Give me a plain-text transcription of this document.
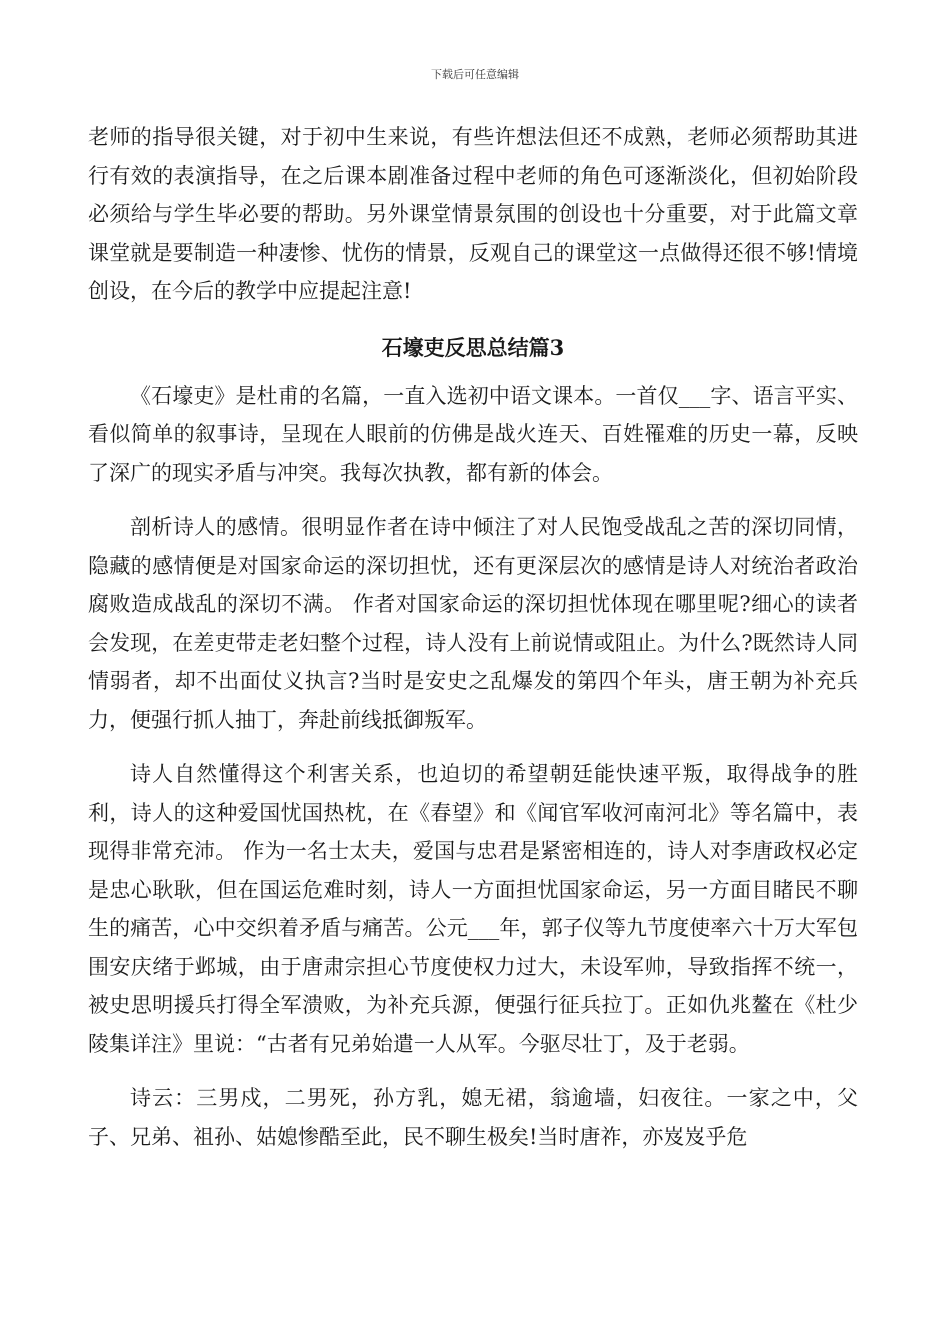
下载后可任意编辑

老师的指导很关键，对于初中生来说，有些许想法但还不成熟，老师必须帮助其进行有效的表演指导，在之后课本剧准备过程中老师的角色可逐渐淡化，但初始阶段必须给与学生毕必要的帮助。另外课堂情景氛围的创设也十分重要，对于此篇文章课堂就是要制造一种凄惨、忧伤的情景，反观自己的课堂这一点做得还很不够!情境创设，在今后的教学中应提起注意!

石壕吏反思总结篇3

《石壕吏》是杜甫的名篇，一直入选初中语文课本。一首仅___字、语言平实、看似简单的叙事诗，呈现在人眼前的仿佛是战火连天、百姓罹难的历史一幕，反映了深广的现实矛盾与冲突。我每次执教，都有新的体会。

剖析诗人的感情。很明显作者在诗中倾注了对人民饱受战乱之苦的深切同情，隐藏的感情便是对国家命运的深切担忧，还有更深层次的感情是诗人对统治者政治腐败造成战乱的深切不满。 作者对国家命运的深切担忧体现在哪里呢?细心的读者会发现，在差吏带走老妇整个过程，诗人没有上前说情或阻止。为什么?既然诗人同情弱者，却不出面仗义执言?当时是安史之乱爆发的第四个年头，唐王朝为补充兵力，便强行抓人抽丁，奔赴前线抵御叛军。

诗人自然懂得这个利害关系，也迫切的希望朝廷能快速平叛，取得战争的胜利，诗人的这种爱国忧国热枕，在《春望》和《闻官军收河南河北》等名篇中，表现得非常充沛。 作为一名士太夫，爱国与忠君是紧密相连的，诗人对李唐政权必定是忠心耿耿，但在国运危难时刻，诗人一方面担忧国家命运，另一方面目睹民不聊生的痛苦，心中交织着矛盾与痛苦。公元___年，郭子仪等九节度使率六十万大军包围安庆绪于邺城，由于唐肃宗担心节度使权力过大，未设军帅，导致指挥不统一，被史思明援兵打得全军溃败，为补充兵源，便强行征兵拉丁。正如仇兆鳌在《杜少陵集详注》里说：“古者有兄弟始遣一人从军。今驱尽壮丁，及于老弱。

诗云：三男戍，二男死，孙方乳，媳无裙，翁逾墙，妇夜往。一家之中，父子、兄弟、祖孙、姑媳惨酷至此，民不聊生极矣!当时唐祚，亦岌岌乎危
